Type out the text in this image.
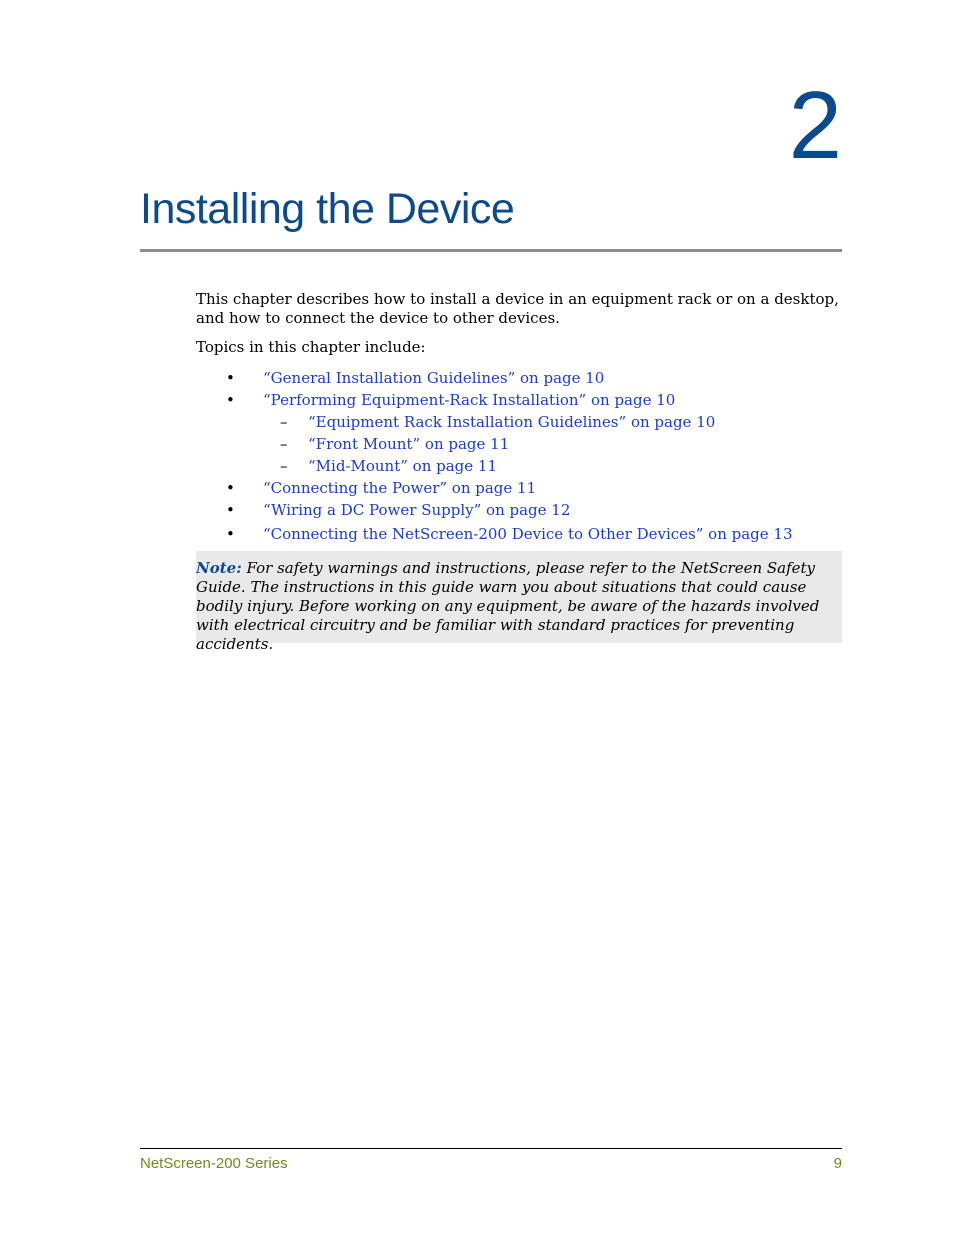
2
Installing the Device

This chapter describes how to install a device in an equipment rack or on a desktop, and how to connect the device to other devices.

Topics in this chapter include:

• “General Installation Guidelines” on page 10
• “Performing Equipment-Rack Installation” on page 10
– “Equipment Rack Installation Guidelines” on page 10
– “Front Mount” on page 11
– “Mid-Mount” on page 11
• “Connecting the Power” on page 11
• “Wiring a DC Power Supply” on page 12
• “Connecting the NetScreen-200 Device to Other Devices” on page 13
Note: For safety warnings and instructions, please refer to the NetScreen Safety Guide. The instructions in this guide warn you about situations that could cause bodily injury. Before working on any equipment, be aware of the hazards involved with electrical circuitry and be familiar with standard practices for preventing accidents.
NetScreen-200 Series	9
